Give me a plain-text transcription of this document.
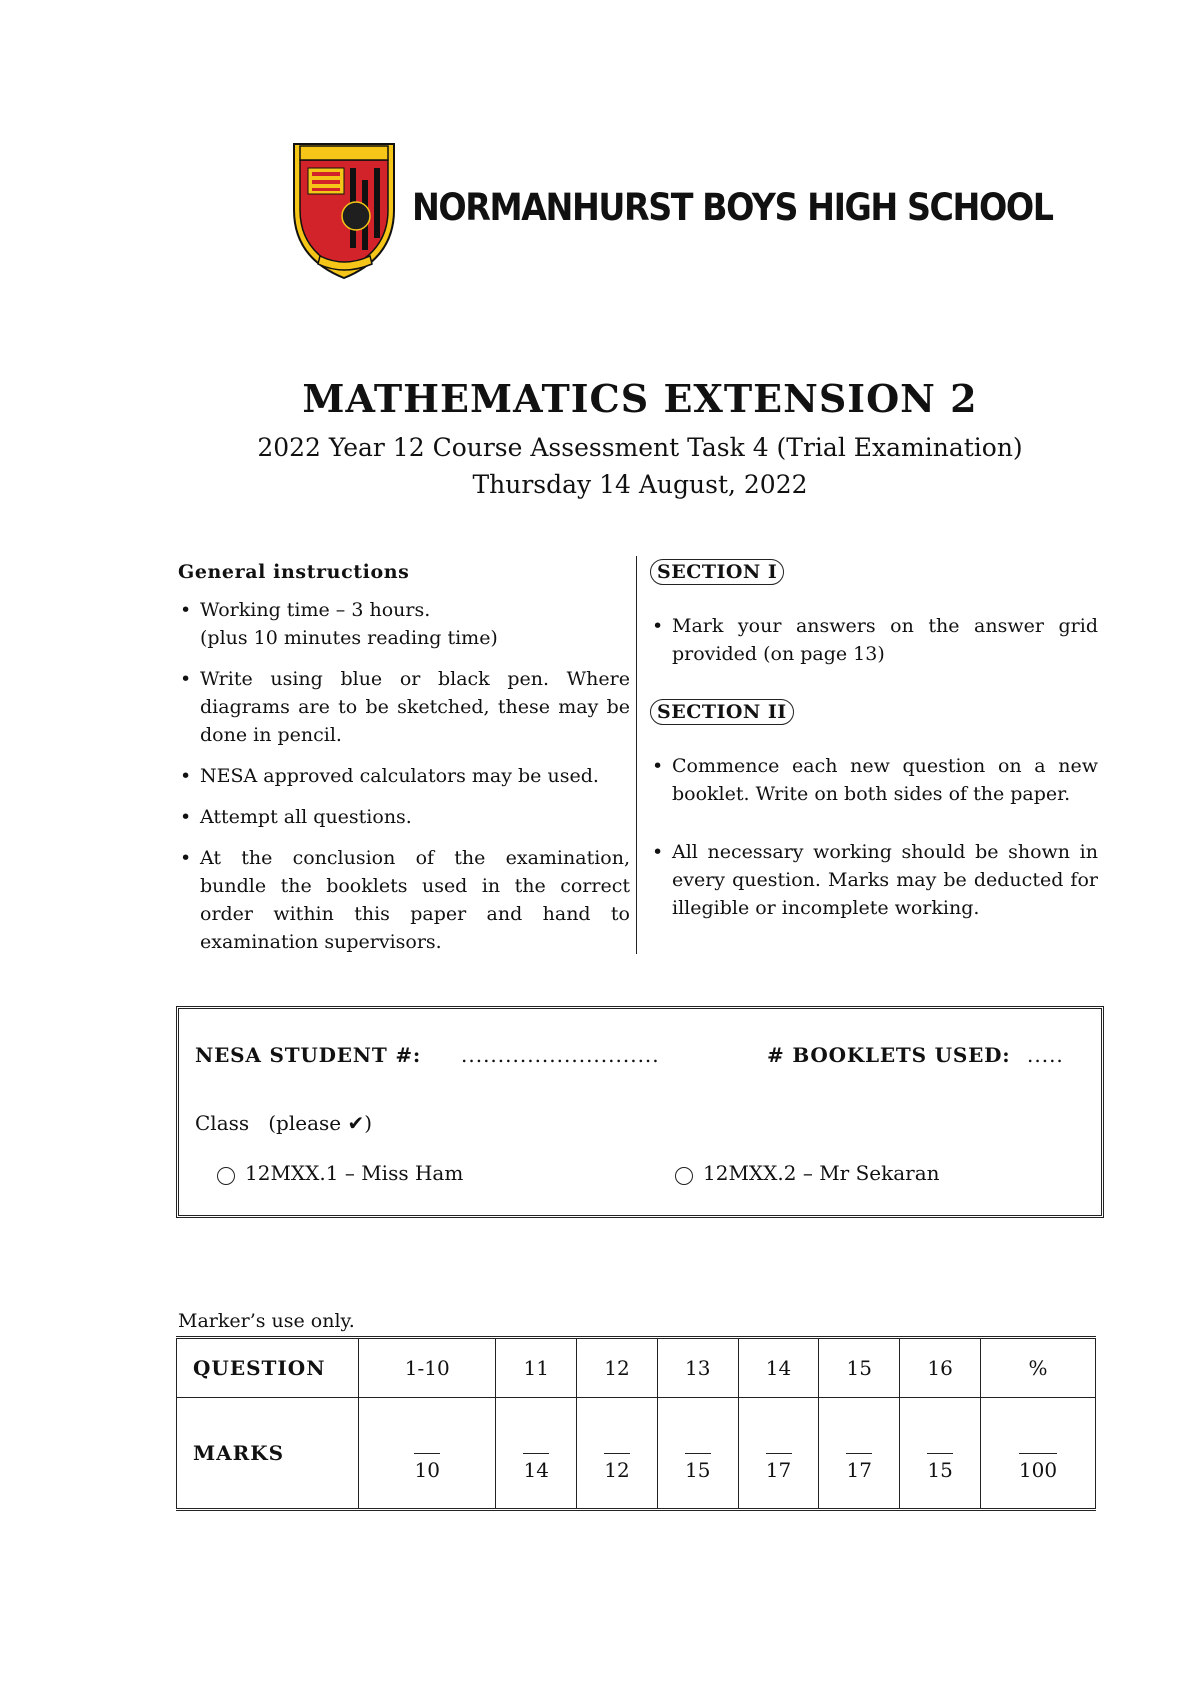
NORMANHURST BOYS HIGH SCHOOL
MATHEMATICS EXTENSION 2
2022 Year 12 Course Assessment Task 4 (Trial Examination)
Thursday 14 August, 2022
General instructions
• Working time – 3 hours.
(plus 10 minutes reading time)
• Write using blue or black pen. Where diagrams are to be sketched, these may be done in pencil.
• NESA approved calculators may be used.
• Attempt all questions.
• At the conclusion of the examination, bundle the booklets used in the correct order within this paper and hand to examination supervisors.
SECTION I
• Mark your answers on the answer grid provided (on page 13)
SECTION II
• Commence each new question on a new booklet. Write on both sides of the paper.
• All necessary working should be shown in every question. Marks may be deducted for illegible or incomplete working.
NESA STUDENT #: ...........................	# BOOKLETS USED: .....
Class (please ✔)
12MXX.1 – Miss Ham	12MXX.2 – Mr Sekaran
Marker’s use only.
QUESTION	1-10	11	12	13	14	15	16	%
MARKS	10	14	12	15	17	17	15	100
